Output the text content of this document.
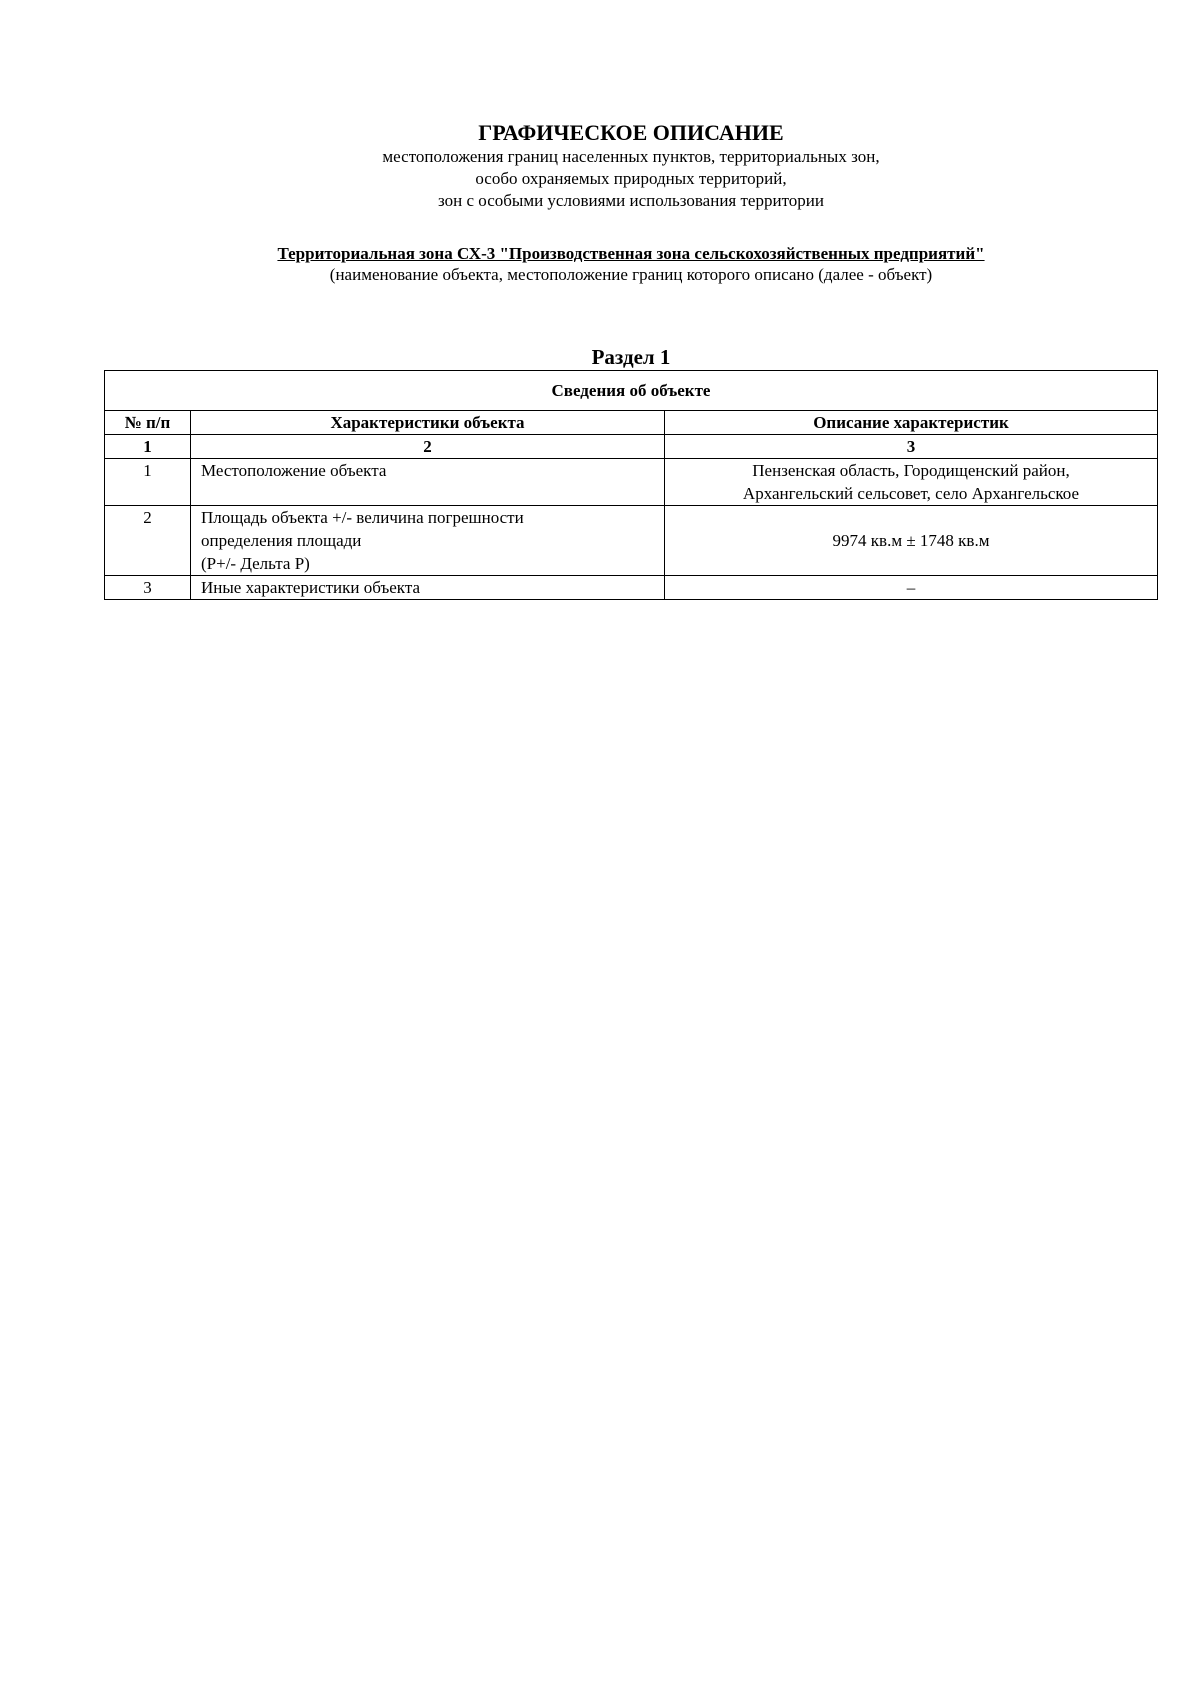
ГРАФИЧЕСКОЕ ОПИСАНИЕ

местоположения границ населенных пунктов, территориальных зон,

особо охраняемых природных территорий,

зон с особыми условиями использования территории

Территориальная зона СХ-3 "Производственная зона сельскохозяйственных предприятий"

(наименование объекта, местоположение границ которого описано (далее - объект)

Раздел 1

Сведения об объекте		
№ п/п	Характеристики объекта	Описание характеристик
1	2	3
1	Местоположение объекта	Пензенская область, Городищенский район,
Архангельский сельсовет, село Архангельское

2	Площадь объекта +/- величина погрешности
определения площади
(P+/- Дельта P)	9974 кв.м ± 1748 кв.м

3	Иные характеристики объекта	–
